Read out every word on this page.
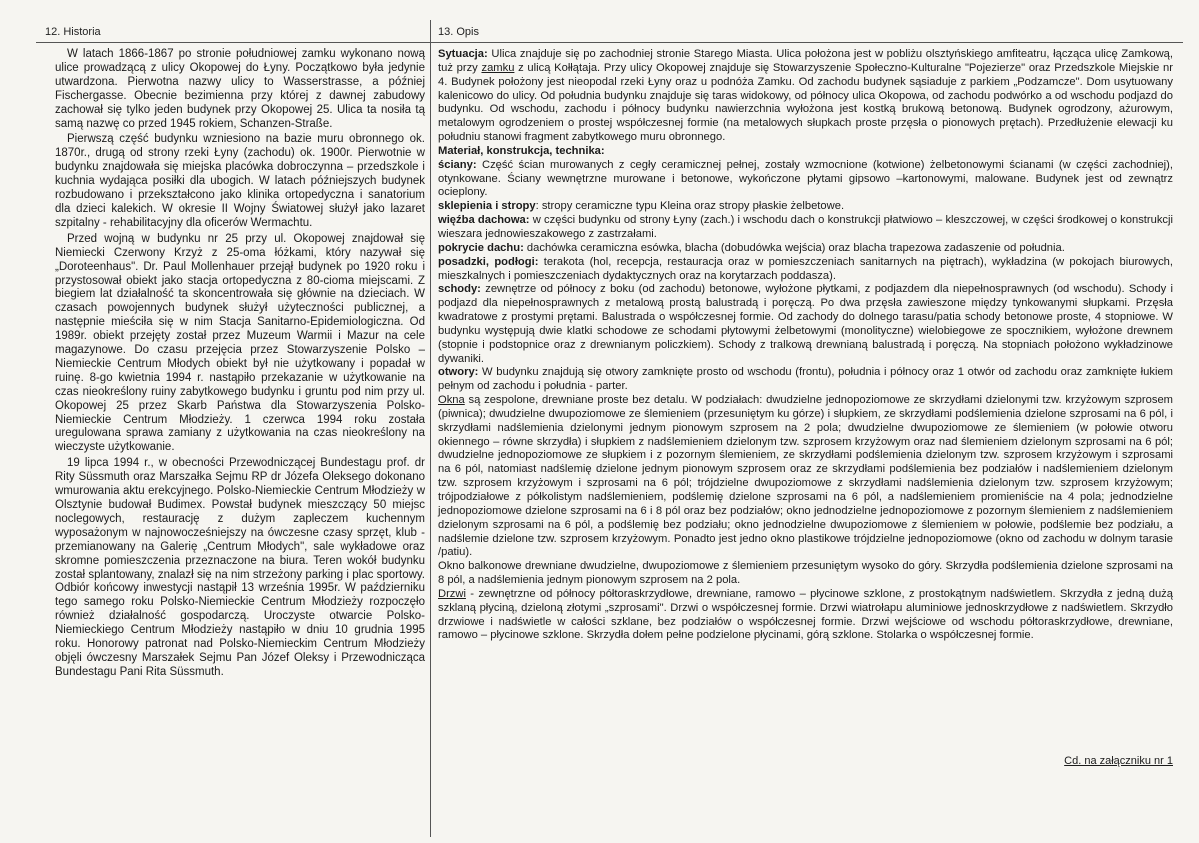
12. Historia	13. Opis

W latach 1866-1867 po stronie południowej zamku wykonano nową ulice prowadzącą z ulicy Okopowej do Łyny. Początkowo była jedynie utwardzona. Pierwotna nazwy ulicy to Wasserstrasse, a później Fischergasse. Obecnie bezimienna przy której z dawnej zabudowy zachował się tylko jeden budynek przy Okopowej 25. Ulica ta nosiła tą samą nazwę co przed 1945 rokiem, Schanzen-Straße.

Pierwszą część budynku wzniesiono na bazie muru obronnego ok. 1870r., drugą od strony rzeki Łyny (zachodu) ok. 1900r. Pierwotnie w budynku znajdowała się miejska placówka dobroczynna – przedszkole i kuchnia wydająca posiłki dla ubogich. W latach późniejszych budynek rozbudowano i przekształcono jako klinika ortopedyczna i sanatorium dla dzieci kalekich. W okresie II Wojny Światowej służył jako lazaret szpitalny - rehabilitacyjny dla oficerów Wermachtu.

Przed wojną w budynku nr 25 przy ul. Okopowej znajdował się Niemiecki Czerwony Krzyż z 25-oma łóżkami, który nazywał się „Doroteenhaus". Dr. Paul Mollenhauer przejął budynek po 1920 roku i przystosował obiekt jako stacja ortopedyczna z 80-cioma miejscami. Z biegiem lat działalność ta skoncentrowała się głównie na dzieciach. W czasach powojennych budynek służył użyteczności publicznej, a następnie mieściła się w nim Stacja Sanitarno-Epidemiologiczna. Od 1989r. obiekt przejęty został przez Muzeum Warmii i Mazur na cele magazynowe. Do czasu przejęcia przez Stowarzyszenie Polsko – Niemieckie Centrum Młodych obiekt był nie użytkowany i popadał w ruinę. 8-go kwietnia 1994 r. nastąpiło przekazanie w użytkowanie na czas nieokreślony ruiny zabytkowego budynku i gruntu pod nim przy ul. Okopowej 25 przez Skarb Państwa dla Stowarzyszenia Polsko-Niemieckie Centrum Młodzieży. 1 czerwca 1994 roku została uregulowana sprawa zamiany z użytkowania na czas nieokreślony na wieczyste użytkowanie.

19 lipca 1994 r., w obecności Przewodniczącej Bundestagu prof. dr Rity Süssmuth oraz Marszałka Sejmu RP dr Józefa Oleksego dokonano wmurowania aktu erekcyjnego. Polsko-Niemieckie Centrum Młodzieży w Olsztynie budował Budimex. Powstał budynek mieszczący 50 miejsc noclegowych, restaurację z dużym zapleczem kuchennym wyposażonym w najnowocześniejszy na ówczesne czasy sprzęt, klub - przemianowany na Galerię „Centrum Młodych", sale wykładowe oraz skromne pomieszczenia przeznaczone na biura. Teren wokół budynku został splantowany, znalazł się na nim strzeżony parking i plac sportowy. Odbiór końcowy inwestycji nastąpił 13 września 1995r. W październiku tego samego roku Polsko-Niemieckie Centrum Młodzieży rozpoczęło również działalność gospodarczą. Uroczyste otwarcie Polsko-Niemieckiego Centrum Młodzieży nastąpiło w dniu 10 grudnia 1995 roku. Honorowy patronat nad Polsko-Niemieckim Centrum Młodzieży objęli ówczesny Marszałek Sejmu Pan Józef Oleksy i Przewodnicząca Bundestagu Pani Rita Süssmuth.

Sytuacja: Ulica znajduje się po zachodniej stronie Starego Miasta. Ulica położona jest w pobliżu olsztyńskiego amfiteatru, łącząca ulicę Zamkową, tuż przy zamku z ulicą Kołłątaja. Przy ulicy Okopowej znajduje się Stowarzyszenie Społeczno-Kulturalne "Pojezierze" oraz Przedszkole Miejskie nr 4. Budynek położony jest nieopodal rzeki Łyny oraz u podnóża Zamku. Od zachodu budynek sąsiaduje z parkiem „Podzamcze". Dom usytuowany kalenicowo do ulicy. Od południa budynku znajduje się taras widokowy, od północy ulica Okopowa, od zachodu podwórko a od wschodu podjazd do budynku. Od wschodu, zachodu i północy budynku nawierzchnia wyłożona jest kostką brukową betonową. Budynek ogrodzony, ażurowym, metalowym ogrodzeniem o prostej współczesnej formie (na metalowych słupkach proste przęsła o pionowych prętach). Przedłużenie elewacji ku południu stanowi fragment zabytkowego muru obronnego.

Materiał, konstrukcja, technika:

ściany: Część ścian murowanych z cegły ceramicznej pełnej, zostały wzmocnione (kotwione) żelbetonowymi ścianami (w części zachodniej), otynkowane. Ściany wewnętrzne murowane i betonowe, wykończone płytami gipsowo –kartonowymi, malowane. Budynek jest od zewnątrz ocieplony.

sklepienia i stropy: stropy ceramiczne typu Kleina oraz stropy płaskie żelbetowe.

więźba dachowa: w części budynku od strony Łyny (zach.) i wschodu dach o konstrukcji płatwiowo – kleszczowej, w części środkowej o konstrukcji wieszara jednowieszakowego z zastrzałami.

pokrycie dachu: dachówka ceramiczna esówka, blacha (dobudówka wejścia) oraz blacha trapezowa zadaszenie od południa.

posadzki, podłogi: terakota (hol, recepcja, restauracja oraz w pomieszczeniach sanitarnych na piętrach), wykładzina (w pokojach biurowych, mieszkalnych i pomieszczeniach dydaktycznych oraz na korytarzach poddasza).

schody: zewnętrze od północy z boku (od zachodu) betonowe, wyłożone płytkami, z podjazdem dla niepełnosprawnych (od wschodu). Schody i podjazd dla niepełnosprawnych z metalową prostą balustradą i poręczą. Po dwa przęsła zawieszone między tynkowanymi słupkami. Przęsła kwadratowe z prostymi prętami. Balustrada o współczesnej formie. Od zachody do dolnego tarasu/patia schody betonowe proste, 4 stopniowe. W budynku występują dwie klatki schodowe ze schodami płytowymi żelbetowymi (monolityczne) wielobiegowe ze spocznikiem, wyłożone drewnem (stopnie i podstopnice oraz z drewnianym policzkiem). Schody z tralkową drewnianą balustradą i poręczą. Na stopniach położono wykładzinowe dywaniki.

otwory: W budynku znajdują się otwory zamknięte prosto od wschodu (frontu), południa i północy oraz 1 otwór od zachodu oraz zamknięte łukiem pełnym od zachodu i południa - parter.

Okna są zespolone, drewniane proste bez detalu. W podziałach: dwudzielne jednopoziomowe ze skrzydłami dzielonymi tzw. krzyżowym szprosem (piwnica); dwudzielne dwupoziomowe ze ślemieniem (przesuniętym ku górze) i słupkiem, ze skrzydłami podślemienia dzielone szprosami na 6 pól, i skrzydłami nadślemienia dzielonymi jednym pionowym szprosem na 2 pola; dwudzielne dwupoziomowe ze ślemieniem (w połowie otworu okiennego – równe skrzydła) i słupkiem z nadślemieniem dzielonym tzw. szprosem krzyżowym oraz nad ślemieniem dzielonym szprosami na 6 pól; dwudzielne jednopoziomowe ze słupkiem i z pozornym ślemieniem, ze skrzydłami podślemienia dzielonym tzw. szprosem krzyżowym i szprosami na 6 pól, natomiast nadślemię dzielone jednym pionowym szprosem oraz ze skrzydłami podślemienia bez podziałów i nadślemieniem dzielonym tzw. szprosem krzyżowym i szprosami na 6 pól; trójdzielne dwupoziomowe z skrzydłami nadślemienia dzielonym tzw. szprosem krzyżowym; trójpodziałowe z półkolistym nadślemieniem, podślemię dzielone szprosami na 6 pól, a nadślemieniem promieniście na 4 pola; jednodzielne jednopoziomowe dzielone szprosami na 6 i 8 pól oraz bez podziałów; okno jednodzielne jednopoziomowe z pozornym ślemieniem z nadślemieniem dzielonym szprosami na 6 pól, a podślemię bez podziału; okno jednodzielne dwupoziomowe z ślemieniem w połowie, podślemie bez podziału, a nadślemie dzielone tzw. szprosem krzyżowym. Ponadto jest jedno okno plastikowe trójdzielne jednopoziomowe (okno od zachodu w dolnym tarasie /patiu).

Okno balkonowe drewniane dwudzielne, dwupoziomowe z ślemieniem przesuniętym wysoko do góry. Skrzydła podślemienia dzielone szprosami na 8 pól, a nadślemienia jednym pionowym szprosem na 2 pola.

Drzwi - zewnętrzne od północy półtoraskrzydłowe, drewniane, ramowo – płycinowe szklone, z prostokątnym nadświetlem. Skrzydła z jedną dużą szklaną płyciną, dzieloną złotymi „szprosami". Drzwi o współczesnej formie. Drzwi wiatrołapu aluminiowe jednoskrzydłowe z nadświetlem. Skrzydło drzwiowe i nadświetle w całości szklane, bez podziałów o współczesnej formie. Drzwi wejściowe od wschodu półtoraskrzydłowe, drewniane, ramowo – płycinowe szklone. Skrzydła dołem pełne podzielone płycinami, górą szklone. Stolarka o współczesnej formie.

Cd. na załączniku nr 1
